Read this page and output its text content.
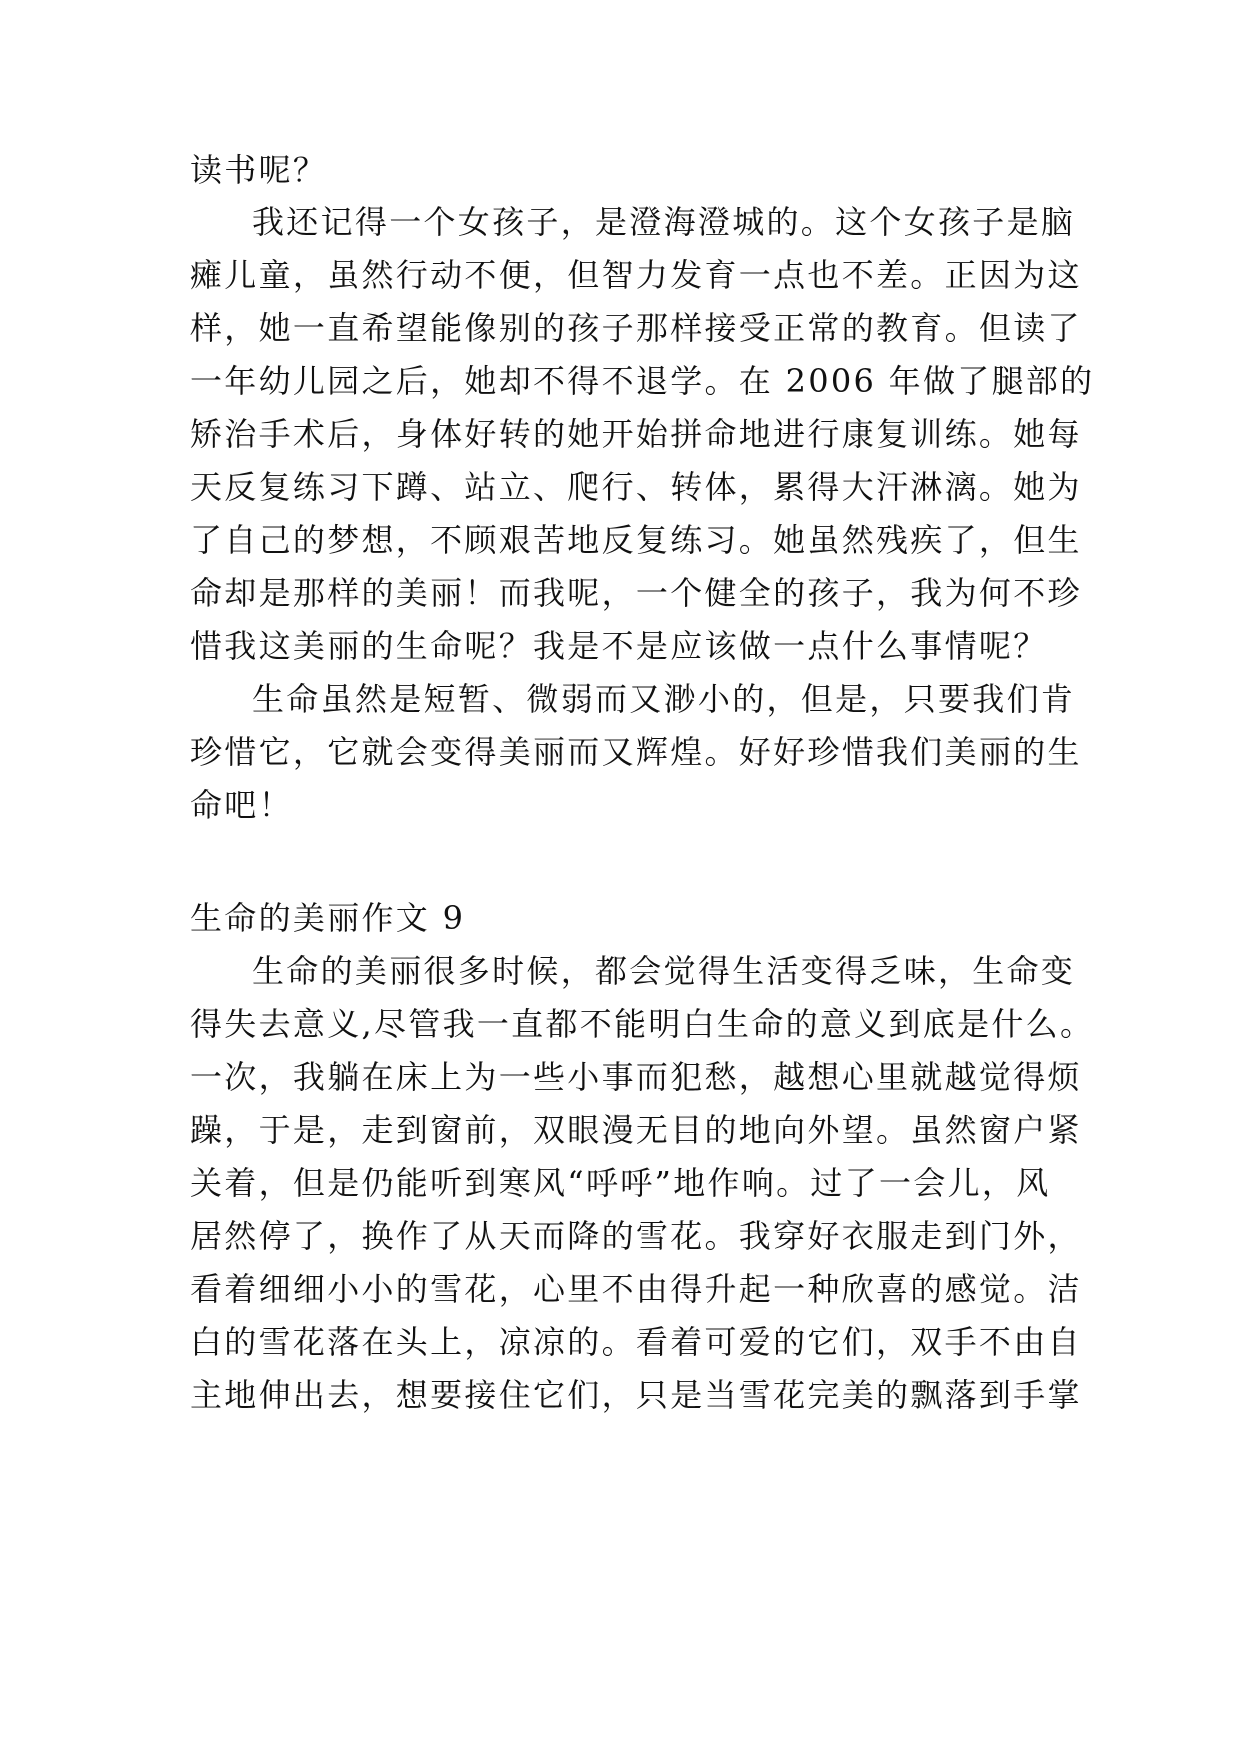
读书呢？
我还记得一个女孩子，是澄海澄城的。这个女孩子是脑
瘫儿童，虽然行动不便，但智力发育一点也不差。正因为这
样，她一直希望能像别的孩子那样接受正常的教育。但读了
一年幼儿园之后，她却不得不退学。在 2006 年做了腿部的
矫治手术后，身体好转的她开始拼命地进行康复训练。她每
天反复练习下蹲、站立、爬行、转体，累得大汗淋漓。她为
了自己的梦想，不顾艰苦地反复练习。她虽然残疾了，但生
命却是那样的美丽！而我呢，一个健全的孩子，我为何不珍
惜我这美丽的生命呢？我是不是应该做一点什么事情呢？
生命虽然是短暂、微弱而又渺小的，但是，只要我们肯
珍惜它，它就会变得美丽而又辉煌。好好珍惜我们美丽的生
命吧！
生命的美丽作文 9
生命的美丽很多时候，都会觉得生活变得乏味，生命变
得失去意义,尽管我一直都不能明白生命的意义到底是什么。
一次，我躺在床上为一些小事而犯愁，越想心里就越觉得烦
躁，于是，走到窗前，双眼漫无目的地向外望。虽然窗户紧
关着，但是仍能听到寒风“呼呼”地作响。过了一会儿，风
居然停了，换作了从天而降的雪花。我穿好衣服走到门外，
看着细细小小的雪花，心里不由得升起一种欣喜的感觉。洁
白的雪花落在头上，凉凉的。看着可爱的它们，双手不由自
主地伸出去，想要接住它们，只是当雪花完美的飘落到手掌
